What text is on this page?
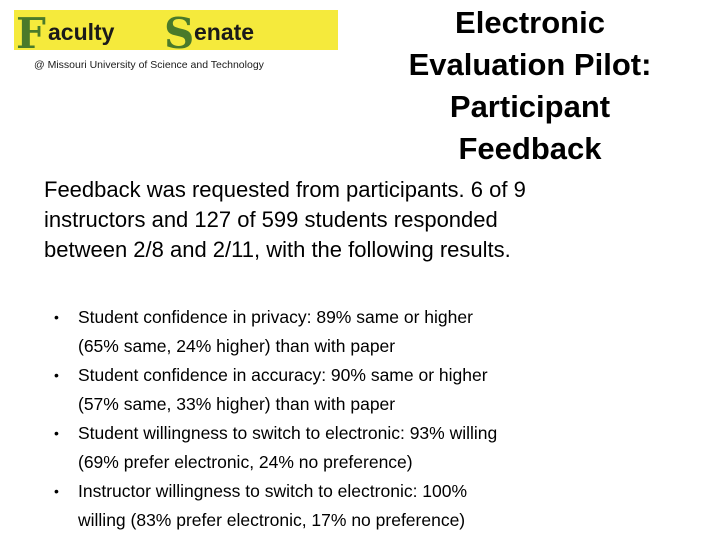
F aculty S enate
@ Missouri University of Science and Technology
Electronic
Evaluation Pilot:
Participant
Feedback

Feedback was requested from participants. 6 of 9
instructors and 127 of 599 students responded
between 2/8 and 2/11, with the following results.

• Student confidence in privacy: 89% same or higher
(65% same, 24% higher) than with paper
• Student confidence in accuracy: 90% same or higher
(57% same, 33% higher) than with paper
• Student willingness to switch to electronic: 93% willing
(69% prefer electronic, 24% no preference)
• Instructor willingness to switch to electronic: 100%
willing (83% prefer electronic, 17% no preference)
